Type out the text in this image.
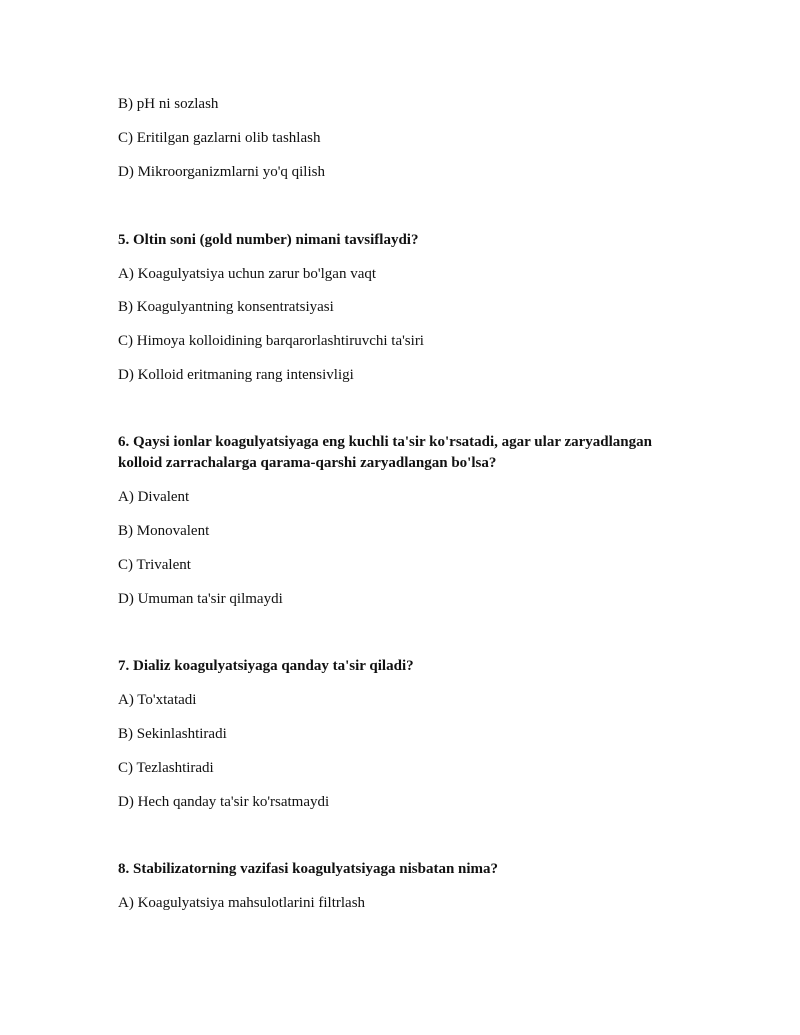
B) pH ni sozlash
C) Eritilgan gazlarni olib tashlash
D) Mikroorganizmlarni yo'q qilish
5. Oltin soni (gold number) nimani tavsiflaydi?
A) Koagulyatsiya uchun zarur bo'lgan vaqt
B) Koagulyantning konsentratsiyasi
C) Himoya kolloidining barqarorlashtiruvchi ta'siri
D) Kolloid eritmaning rang intensivligi
6. Qaysi ionlar koagulyatsiyaga eng kuchli ta'sir ko'rsatadi, agar ular zaryadlangan
kolloid zarrachalarga qarama-qarshi zaryadlangan bo'lsa?
A) Divalent
B) Monovalent
C) Trivalent
D) Umuman ta'sir qilmaydi
7. Dializ koagulyatsiyaga qanday ta'sir qiladi?
A) To'xtatadi
B) Sekinlashtiradi
C) Tezlashtiradi
D) Hech qanday ta'sir ko'rsatmaydi
8. Stabilizatorning vazifasi koagulyatsiyaga nisbatan nima?
A) Koagulyatsiya mahsulotlarini filtrlash
